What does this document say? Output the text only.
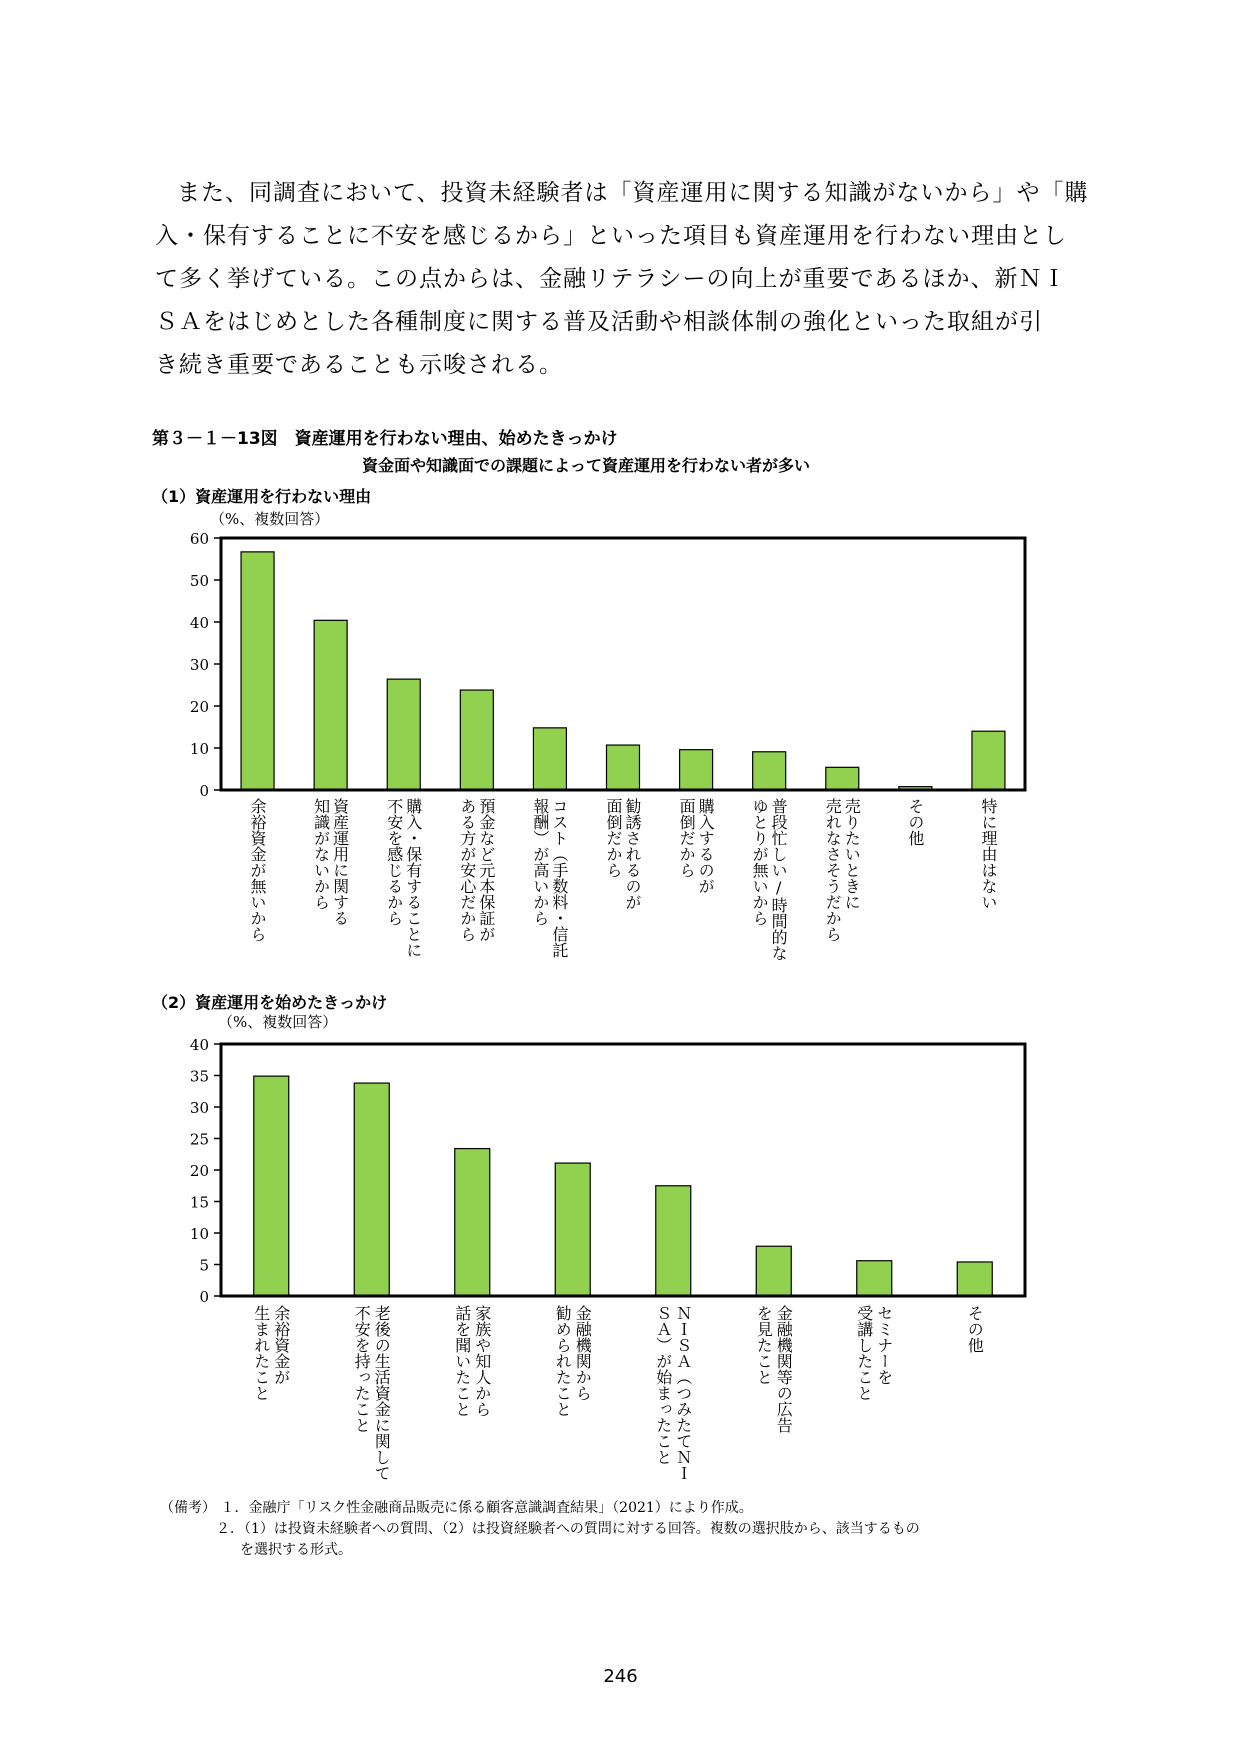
また、同調査において、投資未経験者は「資産運用に関する知識がないから」や「購

入・保有することに不安を感じるから」といった項目も資産運用を行わない理由とし

て多く挙げている。この点からは、金融リテラシーの向上が重要であるほか、新ＮＩ

ＳＡをはじめとした各種制度に関する普及活動や相談体制の強化といった取組が引

き続き重要であることも示唆される。

第３－１－13図　資産運用を行わない理由、始めたきっかけ
資金面や知識面での課題によって資産運用を行わない者が多い
（1）資産運用を行わない理由
（%、複数回答）
（2）資産運用を始めたきっかけ
（%、複数回答）
0
10
20
30
40
50
60
余裕資金が無いから	資産運用に関する
知識がないから	購入・保有することに
不安を感じるから	預金など元本保証が
ある方が安心だから	コスト（手数料・信託
報酬）が高いから	勧誘されるのが
面倒だから	購入するのが
面倒だから	普段忙しい/時間的な
ゆとりが無いから	売りたいときに
売れなさそうだから	その他	特に理由はない
0
5
10
15
20
25
30
35
40
余裕資金が
生まれたこと	老後の生活資金に関して
不安を持ったこと	家族や知人から
話を聞いたこと	金融機関から
勧められたこと	ＮＩＳＡ（つみたてＮＩ
ＳＡ）が始まったこと	金融機関等の広告
を見たこと	セミナーを
受講したこと	その他
（備考） １．金融庁「リスク性金融商品販売に係る顧客意識調査結果」（2021）により作成。
２．（1）は投資未経験者への質問、（2）は投資経験者への質問に対する回答。複数の選択肢から、該当するもの
を選択する形式。
246
